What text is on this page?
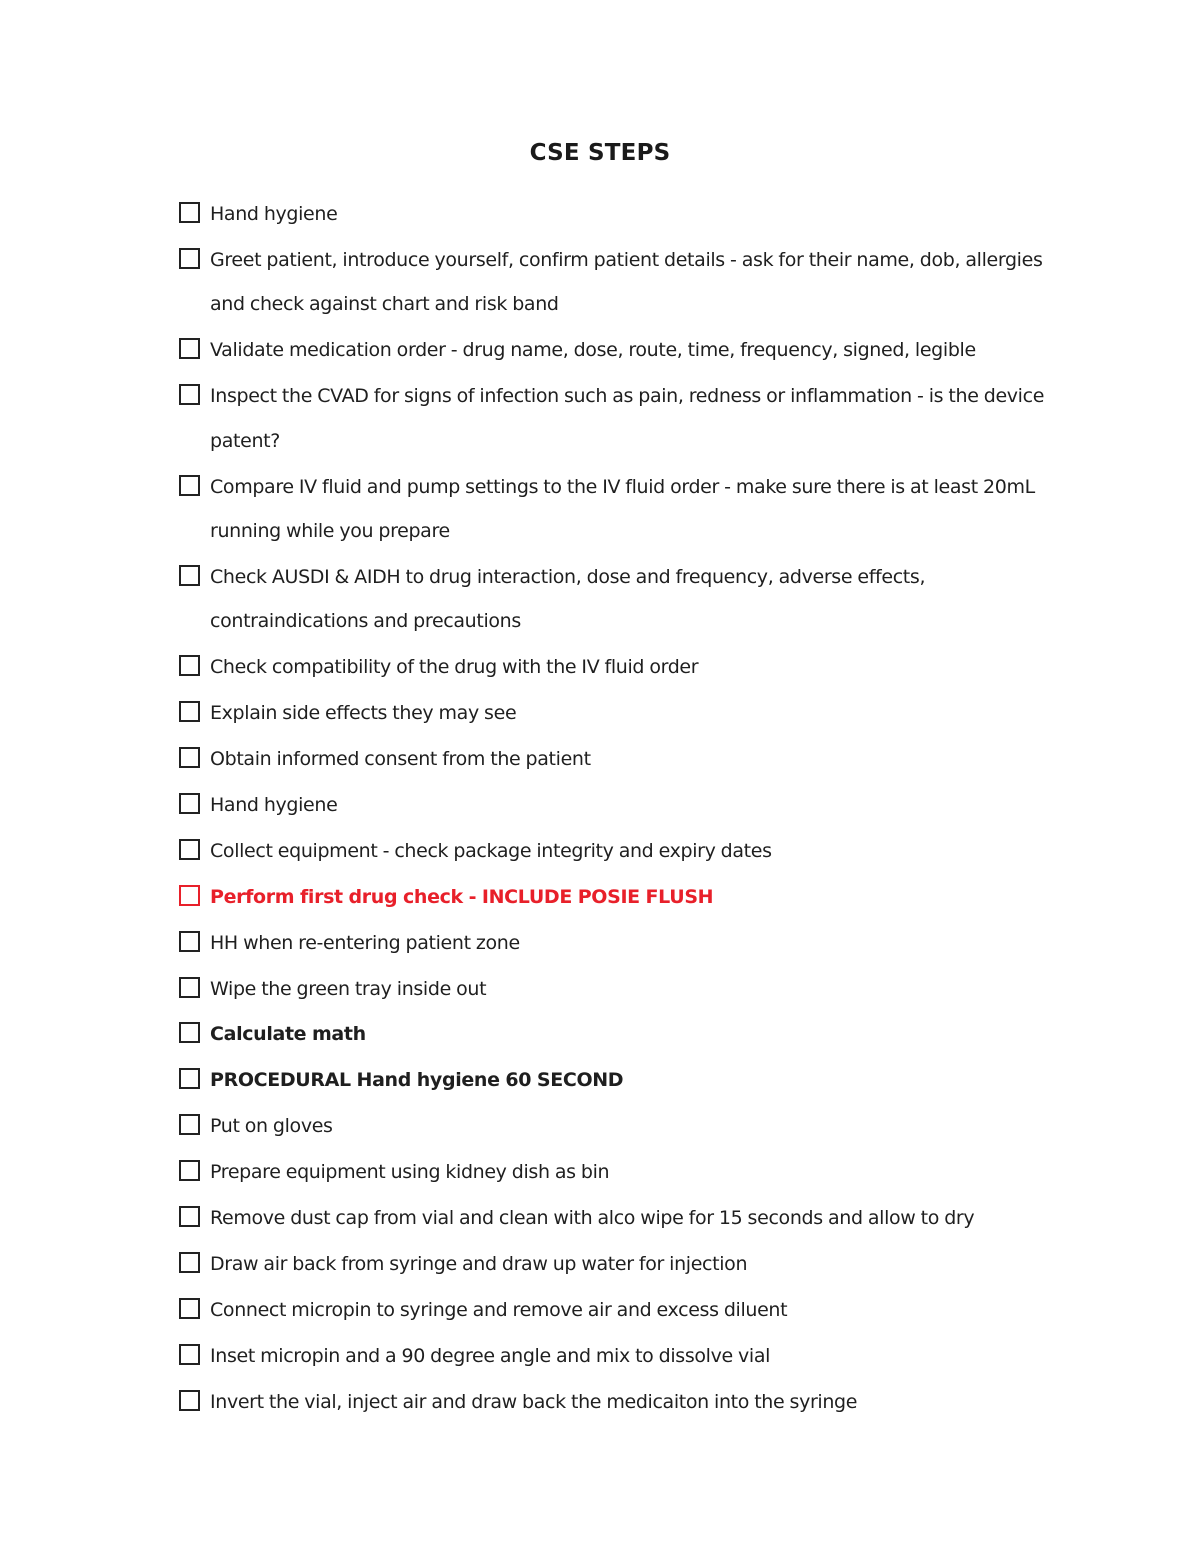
CSE STEPS
Hand hygiene
Greet patient, introduce yourself, confirm patient details - ask for their name, dob, allergies and check against chart and risk band
Validate medication order - drug name, dose, route, time, frequency, signed, legible
Inspect the CVAD for signs of infection such as pain, redness or inflammation - is the device patent?
Compare IV fluid and pump settings to the IV fluid order - make sure there is at least 20mL running while you prepare
Check AUSDI & AIDH to drug interaction, dose and frequency, adverse effects, contraindications and precautions
Check compatibility of the drug with the IV fluid order
Explain side effects they may see
Obtain informed consent from the patient
Hand hygiene
Collect equipment - check package integrity and expiry dates
Perform first drug check - INCLUDE POSIE FLUSH
HH when re-entering patient zone
Wipe the green tray inside out
Calculate math
PROCEDURAL Hand hygiene 60 SECOND
Put on gloves
Prepare equipment using kidney dish as bin
Remove dust cap from vial and clean with alco wipe for 15 seconds and allow to dry
Draw air back from syringe and draw up water for injection
Connect micropin to syringe and remove air and excess diluent
Inset micropin and a 90 degree angle and mix to dissolve vial
Invert the vial, inject air and draw back the medicaiton into the syringe
